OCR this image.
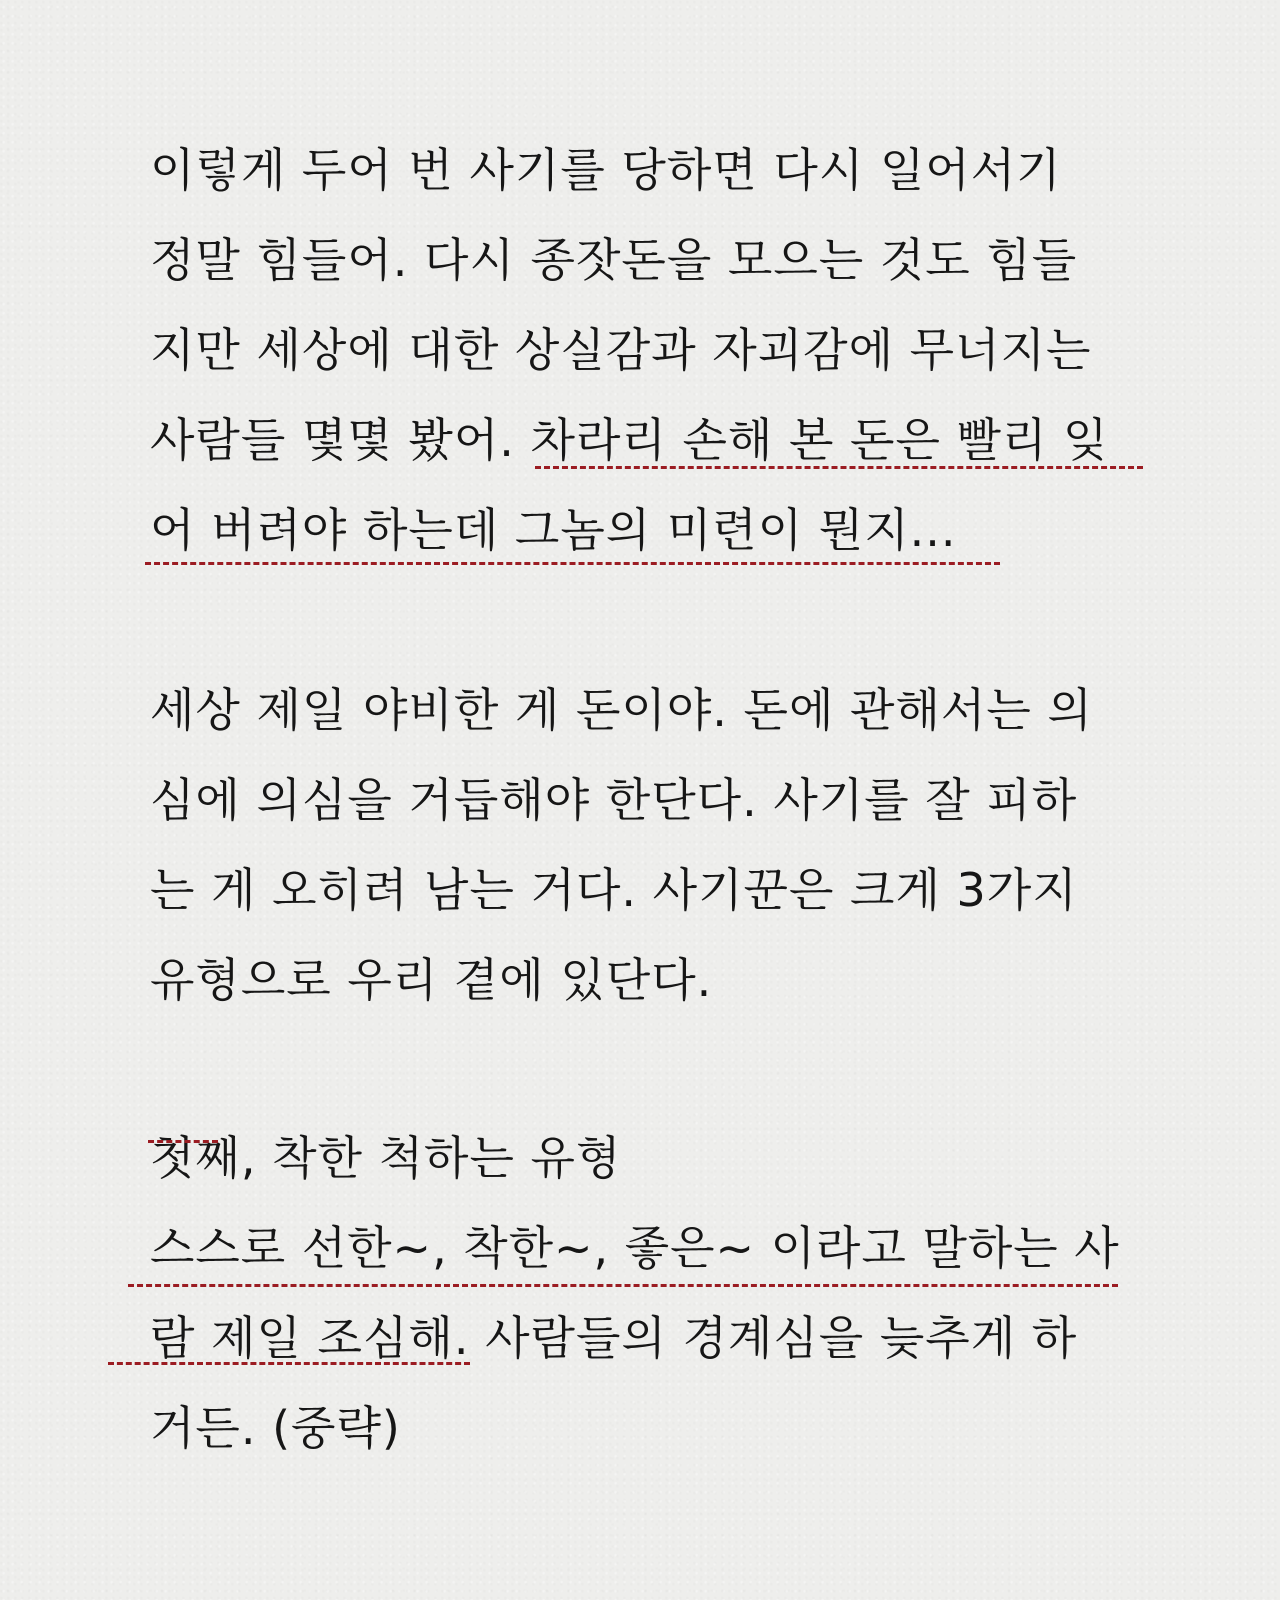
이렇게 두어 번 사기를 당하면 다시 일어서기

정말 힘들어. 다시 종잣돈을 모으는 것도 힘들

지만 세상에 대한 상실감과 자괴감에 무너지는

사람들 몇몇 봤어. 차라리 손해 본 돈은 빨리 잊

어 버려야 하는데 그놈의 미련이 뭔지...

세상 제일 야비한 게 돈이야. 돈에 관해서는 의

심에 의심을 거듭해야 한단다. 사기를 잘 피하

는 게 오히려 남는 거다. 사기꾼은 크게 3가지

유형으로 우리 곁에 있단다.

첫째, 착한 척하는 유형

스스로 선한~, 착한~, 좋은~ 이라고 말하는 사

람 제일 조심해. 사람들의 경계심을 늦추게 하

거든. (중략)
